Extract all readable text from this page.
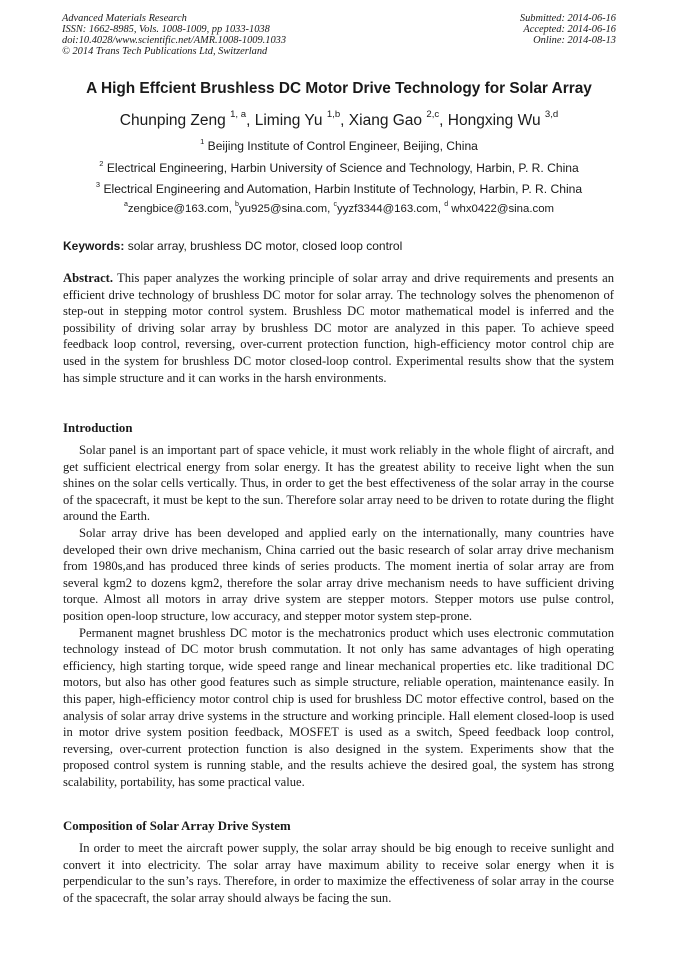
Advanced Materials Research
ISSN: 1662-8985, Vols. 1008-1009, pp 1033-1038
doi:10.4028/www.scientific.net/AMR.1008-1009.1033
© 2014 Trans Tech Publications Ltd, Switzerland
Submitted: 2014-06-16
Accepted: 2014-06-16
Online: 2014-08-13
A High Effcient Brushless DC Motor Drive Technology for Solar Array
Chunping Zeng $^{1, a}$, Liming Yu $^{1,b}$, Xiang Gao $^{2,c}$, Hongxing Wu $^{3,d}$
$^1$ Beijing Institute of Control Engineer, Beijing, China
$^2$ Electrical Engineering, Harbin University of Science and Technology, Harbin, P. R. China
$^3$ Electrical Engineering and Automation, Harbin Institute of Technology, Harbin, P. R. China
$^a$zengbice@163.com, $^b$yu925@sina.com, $^c$yyzf3344@163.com, $^d$ whx0422@sina.com
Keywords: solar array, brushless DC motor, closed loop control

Abstract. This paper analyzes the working principle of solar array and drive requirements and presents an efficient drive technology of brushless DC motor for solar array. The technology solves the phenomenon of step-out in stepping motor control system. Brushless DC motor mathematical model is inferred and the possibility of driving solar array by brushless DC motor are analyzed in this paper. To achieve speed feedback loop control, reversing, over-current protection function, high-efficiency motor control chip are used in the system for brushless DC motor closed-loop control. Experimental results show that the system has simple structure and it can works in the harsh environments.

Introduction

Solar panel is an important part of space vehicle, it must work reliably in the whole flight of aircraft, and get sufficient electrical energy from solar energy. It has the greatest ability to receive light when the sun shines on the solar cells vertically. Thus, in order to get the best effectiveness of the solar array in the course of the spacecraft, it must be kept to the sun. Therefore solar array need to be driven to rotate during the flight around the Earth.

Solar array drive has been developed and applied early on the internationally, many countries have developed their own drive mechanism, China carried out the basic research of solar array drive mechanism from 1980s,and has produced three kinds of series products. The moment inertia of solar array are from several kgm2 to dozens kgm2, therefore the solar array drive mechanism needs to have sufficient driving torque. Almost all motors in array drive system are stepper motors. Stepper motors use pulse control, position open-loop structure, low accuracy, and stepper motor system step-prone.

Permanent magnet brushless DC motor is the mechatronics product which uses electronic commutation technology instead of DC motor brush commutation. It not only has same advantages of high operating efficiency, high starting torque, wide speed range and linear mechanical properties etc. like traditional DC motors, but also has other good features such as simple structure, reliable operation, maintenance easily. In this paper, high-efficiency motor control chip is used for brushless DC motor effective control, based on the analysis of solar array drive systems in the structure and working principle. Hall element closed-loop is used in motor drive system position feedback, MOSFET is used as a switch, Speed feedback loop control, reversing, over-current protection function is also designed in the system. Experiments show that the proposed control system is running stable, and the results achieve the desired goal, the system has strong scalability, portability, has some practical value.

Composition of Solar Array Drive System

In order to meet the aircraft power supply, the solar array should be big enough to receive sunlight and convert it into electricity. The solar array have maximum ability to receive solar energy when it is perpendicular to the sun’s rays. Therefore, in order to maximize the effectiveness of solar array in the course of the spacecraft, the solar array should always be facing the sun.
